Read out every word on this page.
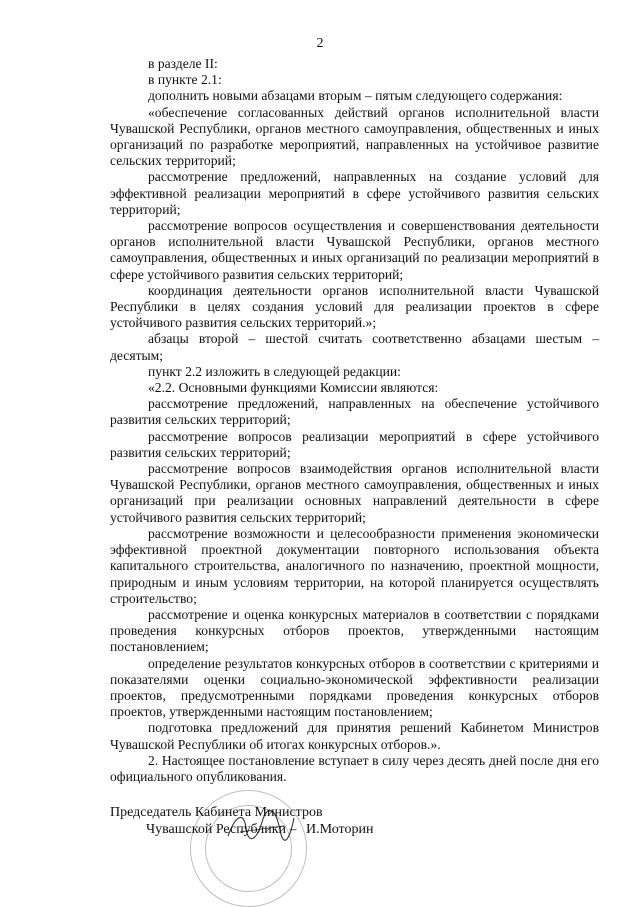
2

в разделе II:

в пункте 2.1:

дополнить новыми абзацами вторым – пятым следующего содержания:

«обеспечение согласованных действий органов исполнительной власти Чувашской Республики, органов местного самоуправления, общественных и иных организаций по разработке мероприятий, направленных на устойчивое развитие сельских территорий;

рассмотрение предложений, направленных на создание условий для эффективной реализации мероприятий в сфере устойчивого развития сельских территорий;

рассмотрение вопросов осуществления и совершенствования деятельности органов исполнительной власти Чувашской Республики, органов местного самоуправления, общественных и иных организаций по реализации мероприятий в сфере устойчивого развития сельских территорий;

координация деятельности органов исполнительной власти Чувашской Республики в целях создания условий для реализации проектов в сфере устойчивого развития сельских территорий.»;

абзацы второй – шестой считать соответственно абзацами шестым – десятым;

пункт 2.2 изложить в следующей редакции:

«2.2. Основными функциями Комиссии являются:

рассмотрение предложений, направленных на обеспечение устойчивого развития сельских территорий;

рассмотрение вопросов реализации мероприятий в сфере устойчивого развития сельских территорий;

рассмотрение вопросов взаимодействия органов исполнительной власти Чувашской Республики, органов местного самоуправления, общественных и иных организаций при реализации основных направлений деятельности в сфере устойчивого развития сельских территорий;

рассмотрение возможности и целесообразности применения экономически эффективной проектной документации повторного использования объекта капитального строительства, аналогичного по назначению, проектной мощности, природным и иным условиям территории, на которой планируется осуществлять строительство;

рассмотрение и оценка конкурсных материалов в соответствии с порядками проведения конкурсных отборов проектов, утвержденными настоящим постановлением;

определение результатов конкурсных отборов в соответствии с критериями и показателями оценки социально-экономической эффективности реализации проектов, предусмотренными порядками проведения конкурсных отборов проектов, утвержденными настоящим постановлением;

подготовка предложений для принятия решений Кабинетом Министров Чувашской Республики об итогах конкурсных отборов.».

2. Настоящее постановление вступает в силу через десять дней после дня его официального опубликования.

Председатель Кабинета Министров
Чувашской Республики – И.Моторин
